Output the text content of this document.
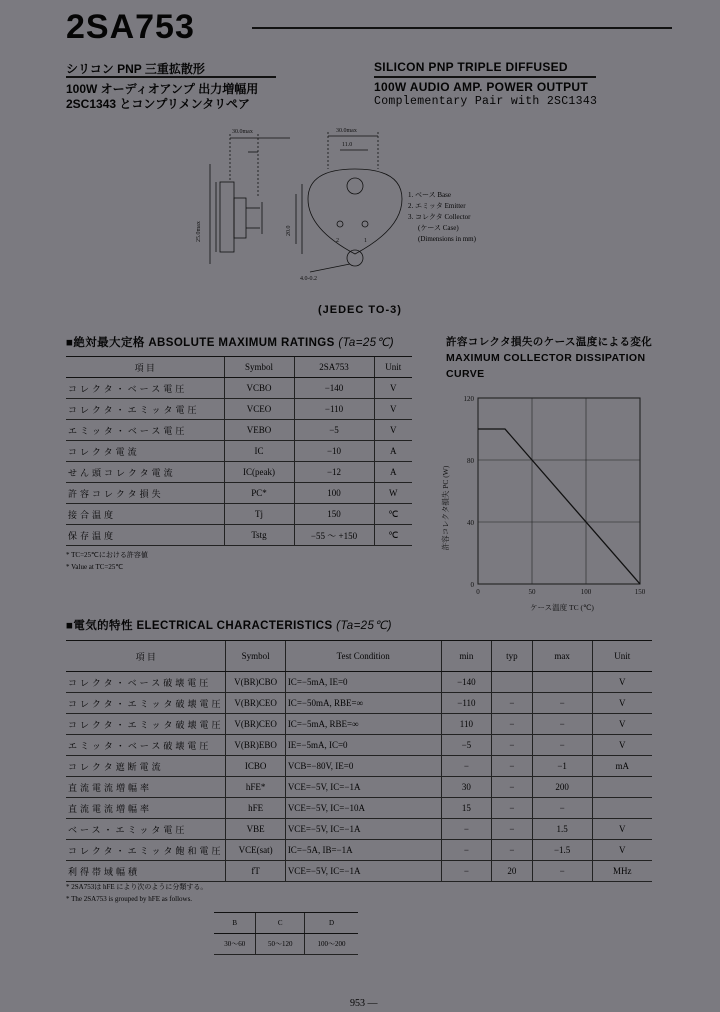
2SA753
シリコン PNP 三重拡散形
100W オーディオアンプ 出力増幅用
2SC1343 とコンプリメンタリペア
SILICON PNP TRIPLE DIFFUSED
100W AUDIO AMP. POWER OUTPUT
Complementary Pair with 2SC1343
30.0max	30.0max
11.0
25.0max	20.0
4.0-0.2
2	1
1. ベース Base
2. エミッタ Emitter
3. コレクタ Collector
(ケース Case)
(Dimensions in mm)
(JEDEC TO-3)
■絶対最大定格 ABSOLUTE MAXIMUM RATINGS (Ta=25℃)
項 目	Symbol	2SA753	Unit
コレクタ・ベース電圧	VCBO	−140	V
コレクタ・エミッタ電圧	VCEO	−110	V
エミッタ・ベース電圧	VEBO	−5	V
コレクタ電流	IC	−10	A
せん頭コレクタ電流	IC(peak)	−12	A
許容コレクタ損失	PC*	100	W
接合温度	Tj	150	℃
保存温度	Tstg	−55 ～ +150	℃
* TC=25℃における許容値
* Value at TC=25℃
許容コレクタ損失のケース温度による変化
MAXIMUM COLLECTOR DISSIPATION
CURVE
0	50	100	150
0
40
80
120
許容コレクタ損失 PC (W)
ケース温度 TC (℃)
■電気的特性 ELECTRICAL CHARACTERISTICS (Ta=25℃)
項 目	Symbol	Test Condition	min	typ	max	Unit
コレクタ・ベース破壊電圧	V(BR)CBO	IC=−5mA, IE=0	−140			V
コレクタ・エミッタ破壊電圧	V(BR)CEO	IC=−50mA, RBE=∞	−110	−	−	V
コレクタ・エミッタ破壊電圧	V(BR)CEO	IC=−5mA, RBE=∞	110	−	−	V
エミッタ・ベース破壊電圧	V(BR)EBO	IE=−5mA, IC=0	−5	−	−	V
コレクタ遮断電流	ICBO	VCB=−80V, IE=0	−	−	−1	mA
直流電流増幅率	hFE*	VCE=−5V, IC=−1A	30	−	200	
直流電流増幅率	hFE	VCE=−5V, IC=−10A	15	−	−	
ベース・エミッタ電圧	VBE	VCE=−5V, IC=−1A	−	−	1.5	V
コレクタ・エミッタ飽和電圧	VCE(sat)	IC=−5A, IB=−1A	−	−	−1.5	V
利得帯域幅積	fT	VCE=−5V, IC=−1A	−	20	−	MHz
* 2SA753は hFE により次のように分類する。
* The 2SA753 is grouped by hFE as follows.
B	C	D
30～60	50～120	100～200
953 —
